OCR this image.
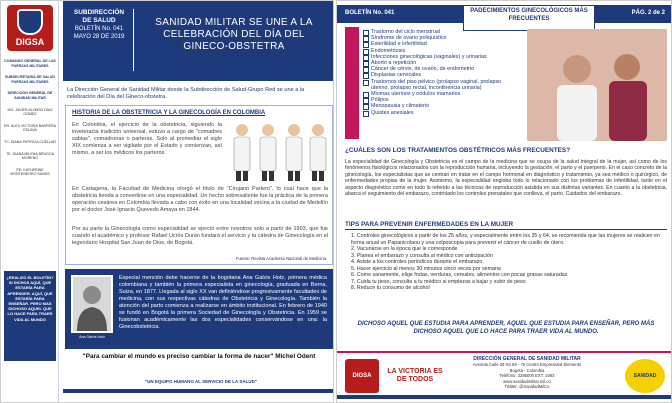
DIGSA
COMANDO GENERAL DE LAS FUERZAS MILITARES
SUBSECRETARIA DE SALUD FUERZAS MILITARES
DIRECCIÓN GENERAL DE SANIDAD MILITAR
MG. JAVIER ALONSO DÍAZ GÓMEZ
DR. ALEX VICTORIA BARRERA ESLAVA
TC. DIANA PATRICIA CUELLAR
TE. DIANA MILENA BENGOA MORENO
PD. KATHERINE MONTENEGRO SANDS
¿REALIZÓ EL BOLETÍN? SI DICHOS AQUÍ, QUE ESTARÍA PARA APRENDER. AQUÍ, QUE ESTARÍA PARA ENSEÑAR. PERO MAS DICHOSO AQUEL QUE LO HACE PARA TRAER VIDA AL MUNDO
SUBDIRECCIÓN DE SALUD
BOLETÍN No. 041
MAYO 28 DE 2019
SANIDAD MILITAR SE UNE A LA CELEBRACIÓN DEL DÍA DEL GINECO-OBSTETRA
La Dirección General de Sanidad Militar desde la Subdirección de Salud-Grupo Red se une a la celebración del Día del Gineco-obstetra.
HISTORIA DE LA OBSTETRICIA Y LA GINECOLOGÍA EN COLOMBIA
En Colombia, el ejercicio de la obstetricia, siguiendo la inveteracia tradición universal, estuvo a cargo de "comadres sabias", comadronas o parteras. Solo al promediar el siglo XIX comienza a ser vigilado por el Estado y comienzan, así mismo, a ser los médicos los parteros.
En Cartagena, la Facultad de Medicina otorgó el título de "Cirujano Partero", lo cual hace que la obstetricia tienda a convertirse en una especialidad. Un hecho sobresaliente fue la práctica de la primera operación cesárea en Colombia llevada a cabo con éxito en una localidad vecina a la ciudad de Medellín por el doctor José Ignacio Quevedo Amaya en 1844.
Por su parte la Ginecología como especialidad se ejerció entre nosotros solo a partir de 1903, que fue cuando el académico y profesor Rafael Ucrós Durán fundará el servicio y la cátedra de Ginecología en el legendario Hospital San Juan de Dios, de Bogotá.
Fuente: Revista Academia Nacional de Medicina
Ana Galvis Hotz
Especial mención debe hacerse de la bogotana Ana Galvis Hotz, primera médica colombiana y también la primera especialista en ginecología, graduada en Berna, Suiza, en 1877. Llegada al siglo XX van definiéndose progresivamente facultades de medicina, con sus respectivas cátedras de Obstetricia y Ginecología. También la atención del parto comienza a realizarse en ámbito institucional. En febrero de 1940 se fundó en Bogotá la primera Sociedad de Ginecología y Obstetricia. En 1959 se fusionan académicamente las dos especialidades conservándose en una: la Ginecobstetricia.
"Para cambiar el mundo es preciso cambiar la forma de nacer" Michel Odent
"UN EQUIPO HUMANO AL SERVICIO DE LA SALUD"
BOLETÍN No. 041	PADECIMIENTOS GINECOLÓGICOS MÁS FRECUENTES
PÁG. 2 de 2
Trastorno del ciclo menstrual
Síndrome de ovario poliquístico
Esterilidad e infertilidad
Endometriosis
Infecciones ginecológicas (vaginales) y urinarias
Aborto a repetición
Cáncer de cérvix, de ovario, de endometrio
Displasias cervicales
Trastornos del piso pélvico (prolapso vaginal, prolapso uterino, prolapso rectal, incontinencia urinaria)
Miomas uterinos y nódulos mamarios
Pólipos
Menopausia y climaterio
Quistes anexiales
¿CUÁLES SON LOS TRATAMIENTOS OBSTÉTRICOS MÁS FRECUENTES?
La especialidad de Ginecología y Obstetricia es el campo de la medicina que se ocupa de la salud integral de la mujer, así como de los fenómenos fisiológicos relacionados con la reproducción humana, incluyendo la gestación, el parto y el puerperio. En el caso concreto de la ginecología, los especialistas que se centran en tratar en el campo hormonal en diagnóstico y tratamiento, ya sea médico o quirúrgico, de enfermedades propias de la mujer. Asimismo, la especialidad engloba todo lo relacionado con los problemas de infertilidad, tanto en el aspecto diagnóstico como en todo lo referido a las técnicas de reproducción asistida en sus distintas variantes. En cuanto a la obstetricia, abarca el seguimiento del embarazo, controlado los controles prenatales que conlleva, el parto. Cuidados del embarazo.
TIPS PARA PREVENIR ENFERMEDADES EN LA MUJER
1. Controles ginecológicos a partir de los 25 años, y especialmente entre los 35 y 64, se recomienda que las mujeres se realicen en forma anual un Papanicolaou y una colposcopia para prevenir el cáncer de cuello de útero.
2. Vacunarse en la época que le corresponde
3. Planea el embarazo y consulta al médico con anticipación
4. Asiste a los controles periódicos durante el embarazo
5. Hacer ejercicio al menos 30 minutos cinco veces por semana
6. Come sanamente, elige frutas, verduras, cereales, alimentos con pocas grasas saturadas
7. Cuida tu peso, consulta a tu médico si empiezas a bajar y subir de peso
8. Reduce tu consumo de alcohol
DICHOSO AQUEL QUE ESTUDIA PARA APRENDER, AQUEL QUE ESTUDIA PARA ENSEÑAR, PERO MÁS DICHOSO AQUEL QUE LO HACE PARA TRAER VIDA AL MUNDO.
DIGSA
LA VICTORIA ES DE TODOS
DIRECCIÓN GENERAL DE SANIDAD MILITAR
Avenida Calle 26 No 69 - 76 Centro Empresarial Elemento
Bogotá - Colombia
Teléfono: 3286000 EXT. 1063
www.sanidadmilitar.mil.co
Twitter: @SanidadMilCo
SANIDAD
